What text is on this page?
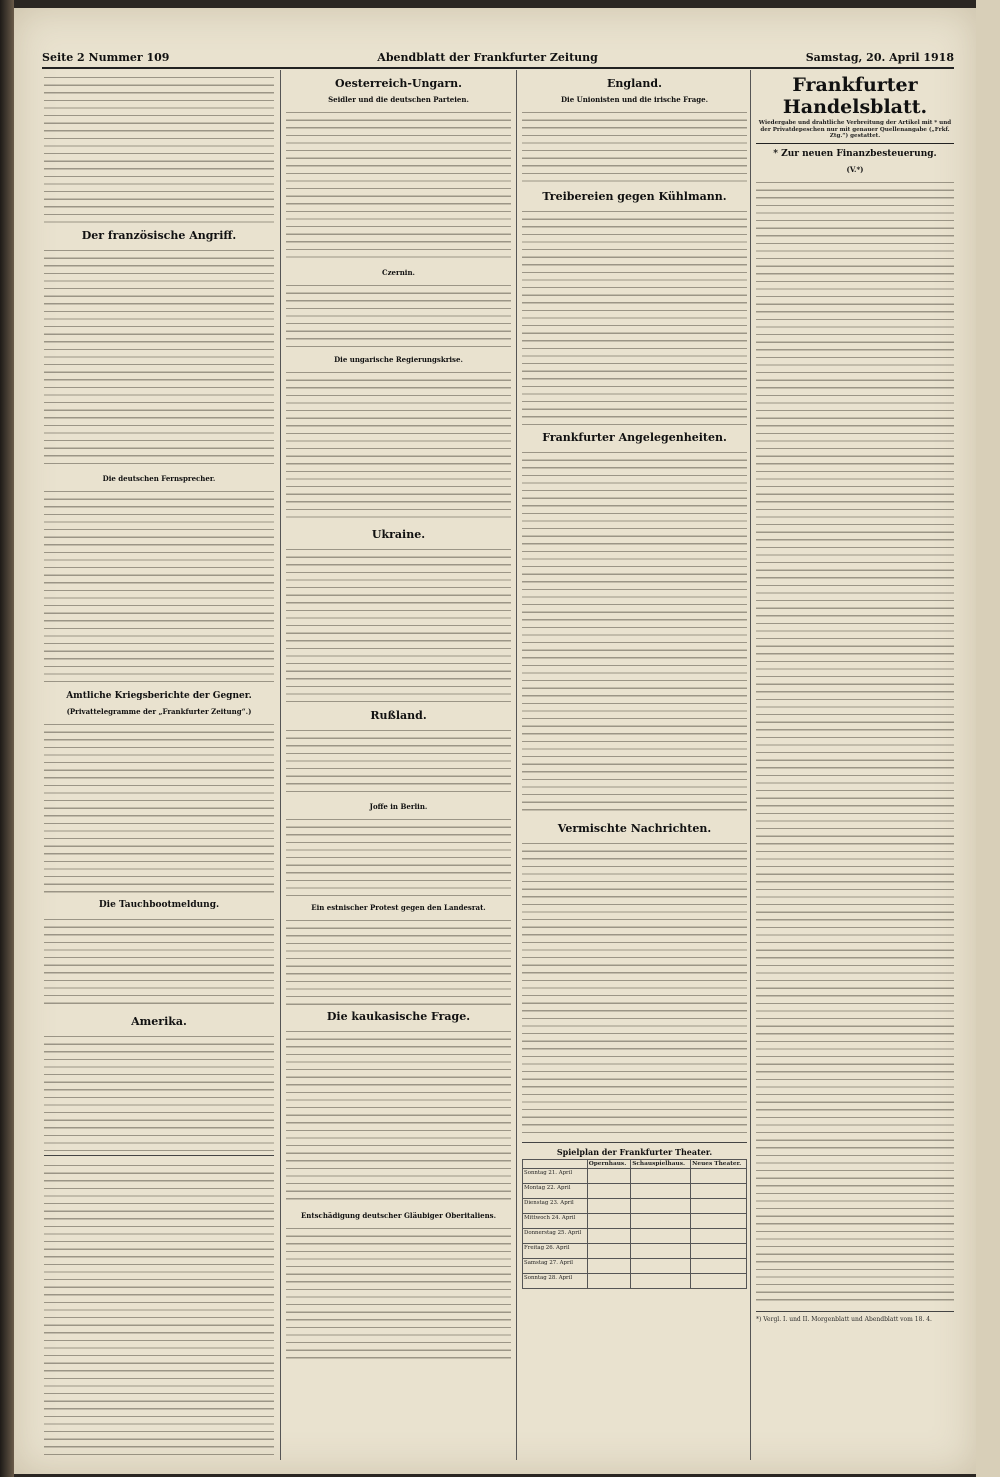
Seite 2 Nummer 109	Abendblatt der Frankfurter Zeitung	Samstag, 20. April 1918
Der französische Angriff.
Die deutschen Fernsprecher.
Amtliche Kriegsberichte der Gegner.
(Privattelegramme der „Frankfurter Zeitung“.)
Die Tauchbootmeldung.
Amerika.
Oesterreich-Ungarn.
Seidler und die deutschen Parteien.
Czernin.
Die ungarische Regierungskrise.
Ukraine.
Rußland.
Joffe in Berlin.
Ein estnischer Protest gegen den Landesrat.
Die kaukasische Frage.
Entschädigung deutscher Gläubiger Oberitaliens.
England.
Die Unionisten und die irische Frage.
Treibereien gegen Kühlmann.
Frankfurter Angelegenheiten.
Vermischte Nachrichten.
Spielplan der Frankfurter Theater.
	Opernhaus.	Schauspielhaus.	Neues Theater.
Sonntag 21. April			
Montag 22. April			
Dienstag 23. April			
Mittwoch 24. April			
Donnerstag 25. April			
Freitag 26. April			
Samstag 27. April			
Sonntag 28. April			
Frankfurter Handelsblatt.
Wiedergabe und drahtliche Verbreitung der Artikel mit * und der Privatdepeschen nur mit genauer Quellenangabe („Frkf. Ztg.“) gestattet.
* Zur neuen Finanzbesteuerung.
(V.*)
*) Vergl. I. und II. Morgenblatt und Abendblatt vom 18. 4.
